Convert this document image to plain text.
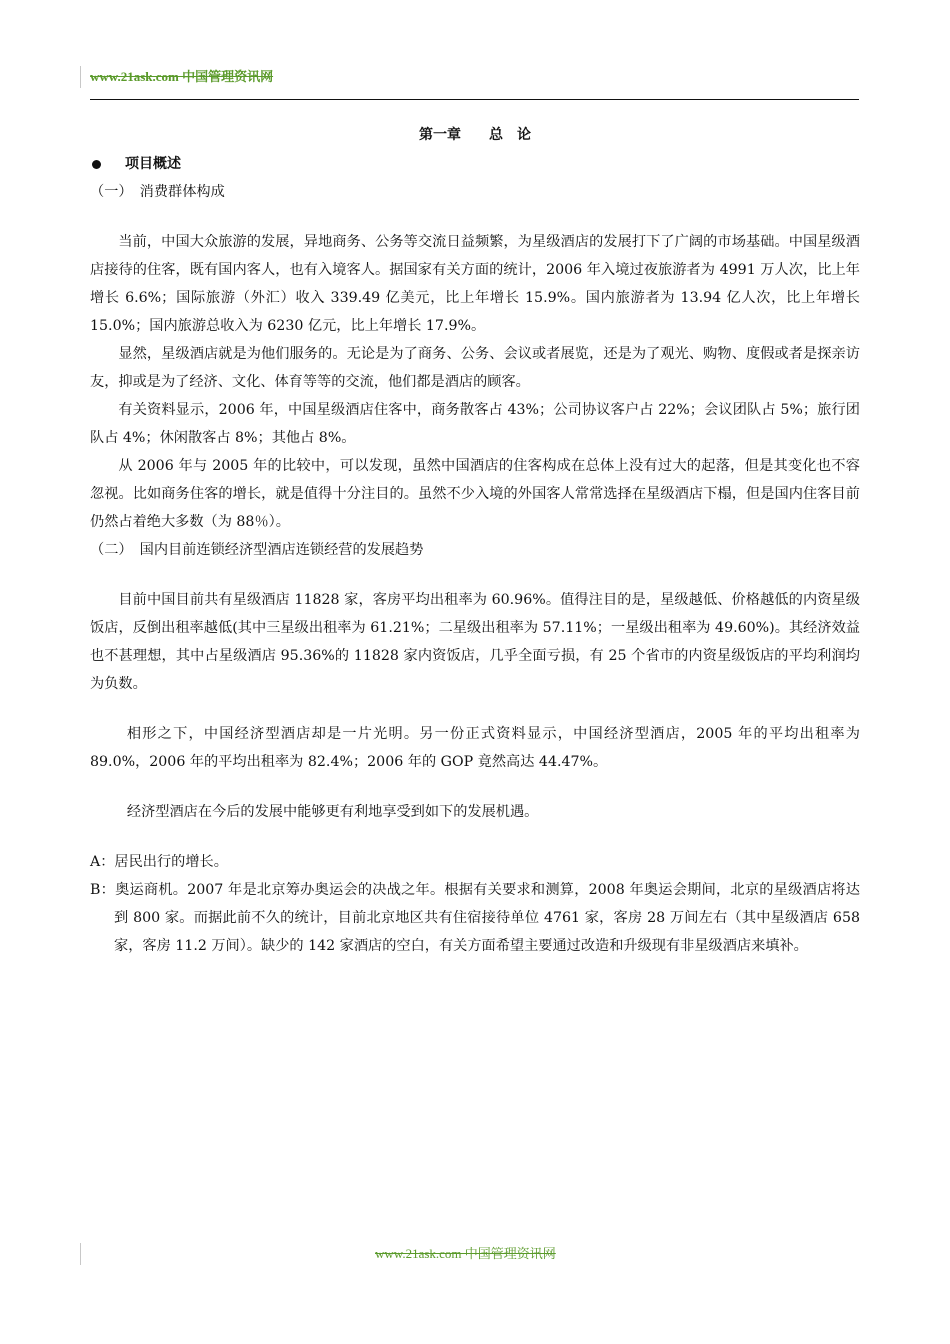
www.21ask.com 中国管理资讯网
第一章　　总　论
项目概述
（一）　消费群体构成

当前，中国大众旅游的发展，异地商务、公务等交流日益频繁，为星级酒店的发展打下了广阔的市场基础。中国星级酒店接待的住客，既有国内客人，也有入境客人。据国家有关方面的统计，2006 年入境过夜旅游者为 4991 万人次，比上年增长 6.6%；国际旅游（外汇）收入 339.49 亿美元，比上年增长 15.9%。国内旅游者为 13.94 亿人次，比上年增长 15.0%；国内旅游总收入为 6230 亿元，比上年增长 17.9%。

显然，星级酒店就是为他们服务的。无论是为了商务、公务、会议或者展览，还是为了观光、购物、度假或者是探亲访友，抑或是为了经济、文化、体育等等的交流，他们都是酒店的顾客。

有关资料显示，2006 年，中国星级酒店住客中，商务散客占 43%；公司协议客户占 22%；会议团队占 5%；旅行团队占 4%；休闲散客占 8%；其他占 8%。

从 2006 年与 2005 年的比较中，可以发现，虽然中国酒店的住客构成在总体上没有过大的起落，但是其变化也不容忽视。比如商务住客的增长，就是值得十分注目的。虽然不少入境的外国客人常常选择在星级酒店下榻，但是国内住客目前仍然占着绝大多数（为 88％）。

（二）　国内目前连锁经济型酒店连锁经营的发展趋势

目前中国目前共有星级酒店 11828 家，客房平均出租率为 60.96%。值得注目的是，星级越低、价格越低的内资星级饭店，反倒出租率越低(其中三星级出租率为 61.21%；二星级出租率为 57.11%；一星级出租率为 49.60%)。其经济效益也不甚理想，其中占星级酒店 95.36%的 11828 家内资饭店，几乎全面亏损，有 25 个省市的内资星级饭店的平均利润均为负数。

相形之下，中国经济型酒店却是一片光明。另一份正式资料显示，中国经济型酒店，2005 年的平均出租率为 89.0%，2006 年的平均出租率为 82.4%；2006 年的 GOP 竟然高达 44.47%。

经济型酒店在今后的发展中能够更有利地享受到如下的发展机遇。

A：居民出行的增长。

B：奥运商机。2007 年是北京筹办奥运会的决战之年。根据有关要求和测算，2008 年奥运会期间，北京的星级酒店将达到 800 家。而据此前不久的统计，目前北京地区共有住宿接待单位 4761 家，客房 28 万间左右（其中星级酒店 658 家，客房 11.2 万间）。缺少的 142 家酒店的空白，有关方面希望主要通过改造和升级现有非星级酒店来填补。

www.21ask.com 中国管理资讯网
